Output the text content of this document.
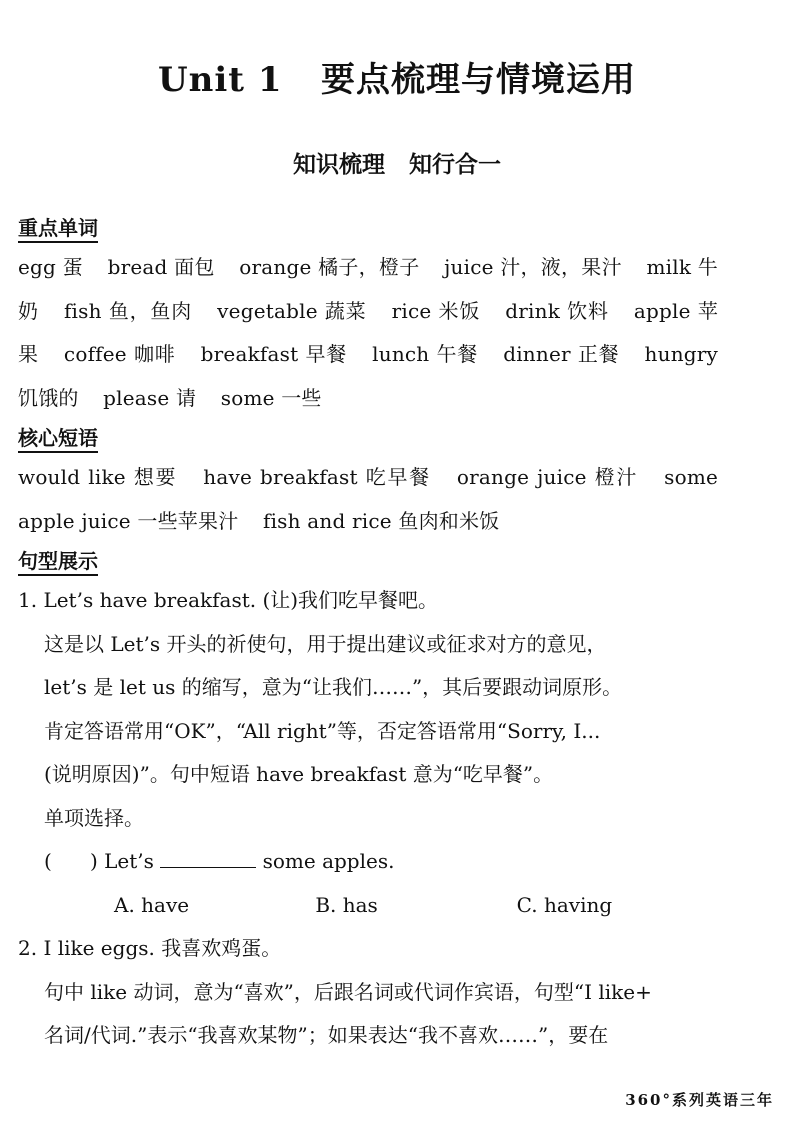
Unit 1   要点梳理与情境运用
知识梳理   知行合一
重点单词
egg 蛋 bread 面包 orange 橘子，橙子 juice 汁，液，果汁 milk 牛奶 fish 鱼，鱼肉 vegetable 蔬菜 rice 米饭 drink 饮料 apple 苹果 coffee 咖啡 breakfast 早餐 lunch 午餐 dinner 正餐 hungry 饥饿的 please 请 some 一些
核心短语
would like 想要 have breakfast 吃早餐 orange juice 橙汁 some apple juice 一些苹果汁 fish and rice 鱼肉和米饭
句型展示
1. Let’s have breakfast. (让)我们吃早餐吧。
这是以 Let’s 开头的祈使句，用于提出建议或征求对方的意见，
let’s 是 let us 的缩写，意为“让我们……”，其后要跟动词原形。
肯定答语常用“OK”，“All right”等，否定答语常用“Sorry, I...
(说明原因)”。句中短语 have breakfast 意为“吃早餐”。
单项选择。
(      ) Let’s	some apples.
A. have	B. has	C. having
2. I like eggs. 我喜欢鸡蛋。
句中 like 动词，意为“喜欢”，后跟名词或代词作宾语，句型“I like+
名词/代词.”表示“我喜欢某物”；如果表达“我不喜欢……”，要在
360°系列英语三年
